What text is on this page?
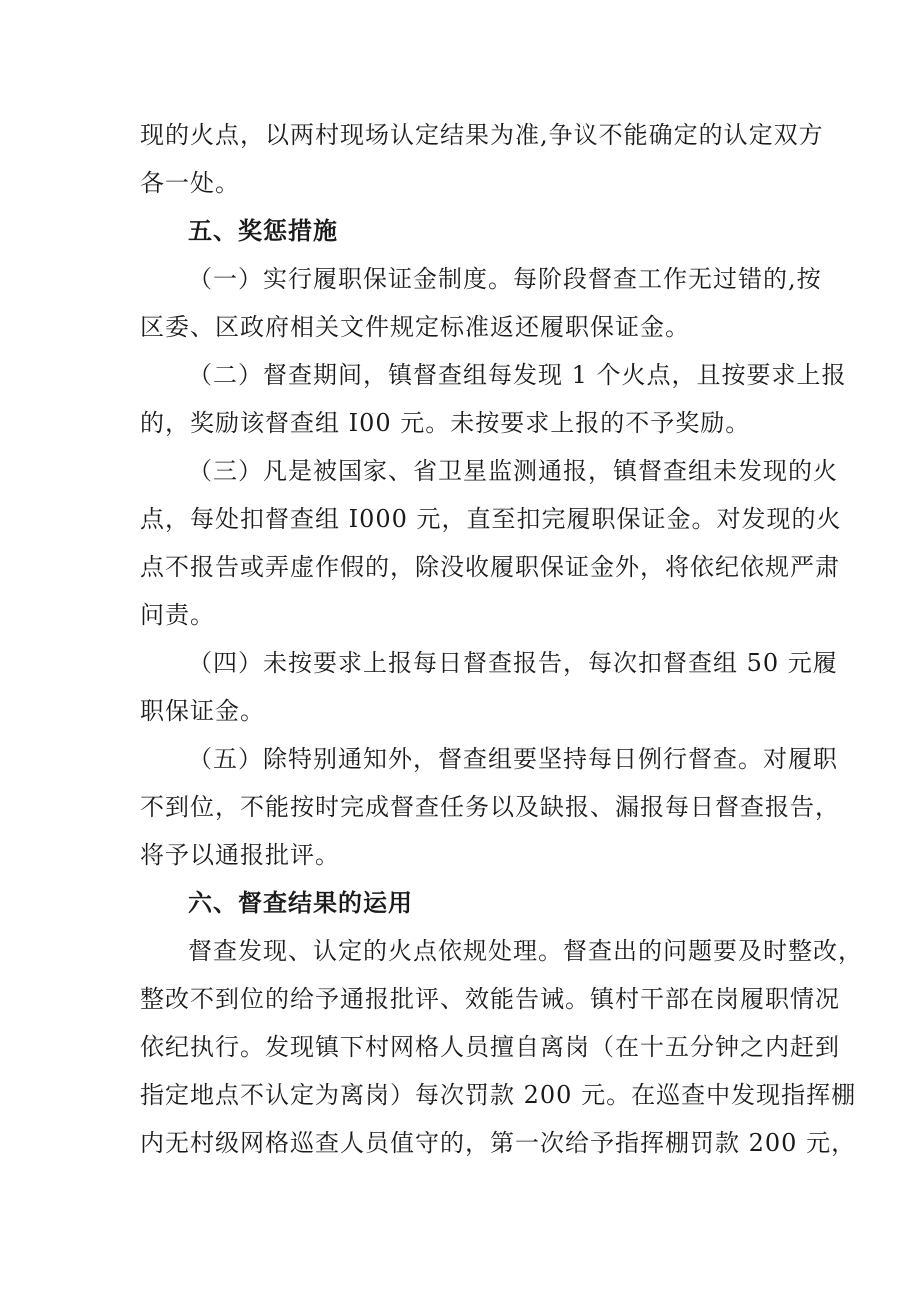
现的火点，以两村现场认定结果为准,争议不能确定的认定双方
各一处。
五、奖惩措施
（一）实行履职保证金制度。每阶段督查工作无过错的,按
区委、区政府相关文件规定标准返还履职保证金。
（二）督查期间，镇督查组每发现 1 个火点，且按要求上报
的，奖励该督查组 I00 元。未按要求上报的不予奖励。
（三）凡是被国家、省卫星监测通报，镇督查组未发现的火
点，每处扣督查组 I000 元，直至扣完履职保证金。对发现的火
点不报告或弄虚作假的，除没收履职保证金外，将依纪依规严肃
问责。
（四）未按要求上报每日督查报告，每次扣督查组 50 元履
职保证金。
（五）除特别通知外，督查组要坚持每日例行督查。对履职
不到位，不能按时完成督查任务以及缺报、漏报每日督查报告，
将予以通报批评。
六、督查结果的运用
督查发现、认定的火点依规处理。督查出的问题要及时整改，
整改不到位的给予通报批评、效能告诫。镇村干部在岗履职情况
依纪执行。发现镇下村网格人员擅自离岗（在十五分钟之内赶到
指定地点不认定为离岗）每次罚款 200 元。在巡查中发现指挥棚
内无村级网格巡查人员值守的，第一次给予指挥棚罚款 200 元，
